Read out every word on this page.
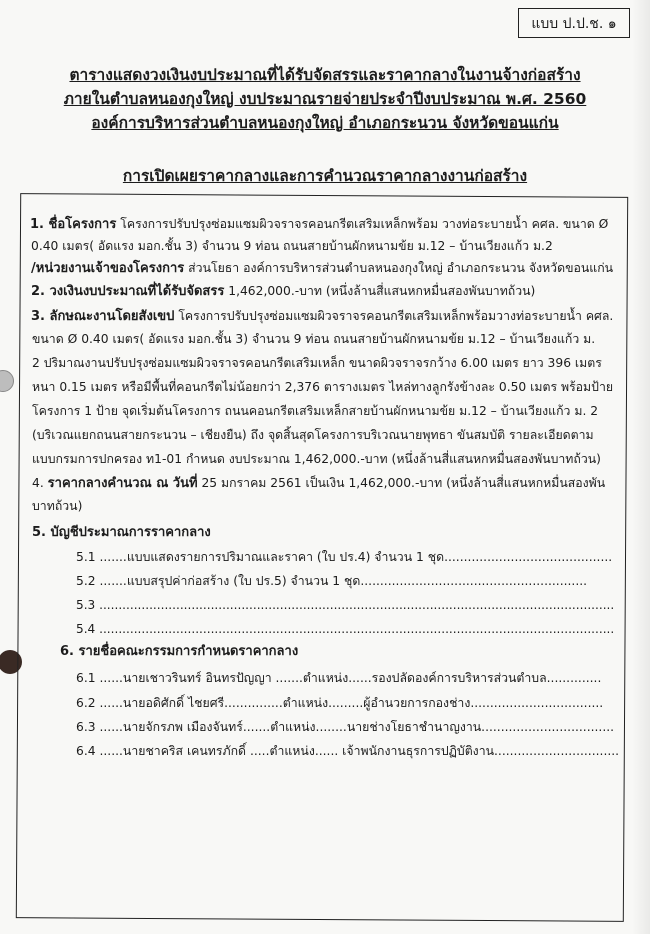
แบบ ป.ป.ช. ๑
ตารางแสดงวงเงินงบประมาณที่ได้รับจัดสรรและราคากลางในงานจ้างก่อสร้าง
ภายในตำบลหนองกุงใหญ่ งบประมาณรายจ่ายประจำปีงบประมาณ พ.ศ. 2560
องค์การบริหารส่วนตำบลหนองกุงใหญ่ อำเภอกระนวน จังหวัดขอนแก่น
การเปิดเผยราคากลางและการคำนวณราคากลางงานก่อสร้าง
1. ชื่อโครงการ โครงการปรับปรุงซ่อมแซมผิวจราจรคอนกรีตเสริมเหล็กพร้อม วางท่อระบายน้ำ คศล. ขนาด Ø
0.40 เมตร( อัดแรง มอก.ชั้น 3) จำนวน 9 ท่อน ถนนสายบ้านผักหนามข้ย ม.12 – บ้านเวียงแก้ว ม.2
/หน่วยงานเจ้าของโครงการ ส่วนโยธา องค์การบริหารส่วนตำบลหนองกุงใหญ่ อำเภอกระนวน จังหวัดขอนแก่น
2. วงเงินงบประมาณที่ได้รับจัดสรร 1,462,000.-บาท (หนึ่งล้านสี่แสนหกหมื่นสองพันบาทถ้วน)
3. ลักษณะงานโดยสังเขป โครงการปรับปรุงซ่อมแซมผิวจราจรคอนกรีตเสริมเหล็กพร้อมวางท่อระบายน้ำ คศล.
ขนาด Ø 0.40 เมตร( อัดแรง มอก.ชั้น 3) จำนวน 9 ท่อน ถนนสายบ้านผักหนามข้ย ม.12 – บ้านเวียงแก้ว ม.
2 ปริมาณงานปรับปรุงซ่อมแซมผิวจราจรคอนกรีตเสริมเหล็ก ขนาดผิวจราจรกว้าง 6.00 เมตร ยาว 396 เมตร
หนา 0.15 เมตร หรือมีพื้นที่คอนกรีตไม่น้อยกว่า 2,376 ตารางเมตร ไหล่ทางลูกรังข้างละ 0.50 เมตร พร้อมป้าย
โครงการ 1 ป้าย จุดเริ่มต้นโครงการ ถนนคอนกรีตเสริมเหล็กสายบ้านผักหนามข้ย ม.12 – บ้านเวียงแก้ว ม. 2
(บริเวณแยกถนนสายกระนวน – เชียงยืน) ถึง จุดสิ้นสุดโครงการบริเวณนายพุทธา ขันสมบัติ รายละเอียดตาม
แบบกรมการปกครอง ท1-01 กำหนด งบประมาณ 1,462,000.-บาท (หนึ่งล้านสี่แสนหกหมื่นสองพันบาทถ้วน)
4. ราคากลางคำนวณ ณ วันที่ 25 มกราคม 2561 เป็นเงิน 1,462,000.-บาท (หนึ่งล้านสี่แสนหกหมื่นสองพัน
บาทถ้วน)
5. บัญชีประมาณการราคากลาง
5.1 .......แบบแสดงรายการปริมาณและราคา (ใบ ปร.4) จำนวน 1 ชุด...........................................
5.2 .......แบบสรุปค่าก่อสร้าง (ใบ ปร.5) จำนวน 1 ชุด..........................................................
5.3 ......................................................................................................................................
5.4 ......................................................................................................................................
6. รายชื่อคณะกรรมการกำหนดราคากลาง
6.1 ......นายเชาวรินทร์ อินทรปัญญา .......ตำแหน่ง......รองปลัดองค์การบริหารส่วนตำบล..............
6.2 ......นายอดิศักดิ์ ไชยศรี...............ตำแหน่ง.........ผู้อำนวยการกองช่าง..................................
6.3 ......นายจักรภพ เมืองจันทร์.......ตำแหน่ง........นายช่างโยธาชำนาญงาน..................................
6.4 ......นายชาคริส เคนทรภักดิ์ .....ตำแหน่ง...... เจ้าพนักงานธุรการปฏิบัติงาน................................
